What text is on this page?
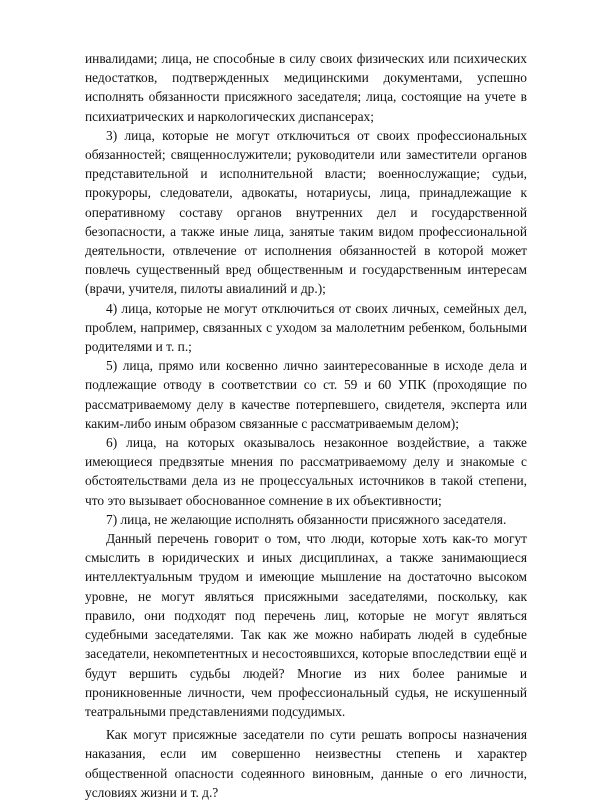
инвалидами; лица, не способные в силу своих физических или психических недостатков, подтвержденных медицинскими документами, успешно исполнять обязанности присяжного заседателя; лица, состоящие на учете в психиатрических и наркологических диспансерах;

3) лица, которые не могут отключиться от своих профессиональных обязанностей; священнослужители; руководители или заместители органов представительной и исполнительной власти; военнослужащие; судьи, прокуроры, следователи, адвокаты, нотариусы, лица, принадлежащие к оперативному составу органов внутренних дел и государственной безопасности, а также иные лица, занятые таким видом профессиональной деятельности, отвлечение от исполнения обязанностей в которой может повлечь существенный вред общественным и государственным интересам (врачи, учителя, пилоты авиалиний и др.);

4) лица, которые не могут отключиться от своих личных, семейных дел, проблем, например, связанных с уходом за малолетним ребенком, больными родителями и т. п.;

5) лица, прямо или косвенно лично заинтересованные в исходе дела и подлежащие отводу в соответствии со ст. 59 и 60 УПК (проходящие по рассматриваемому делу в качестве потерпевшего, свидетеля, эксперта или каким-либо иным образом связанные с рассматриваемым делом);

6) лица, на которых оказывалось незаконное воздействие, а также имеющиеся предвзятые мнения по рассматриваемому делу и знакомые с обстоятельствами дела из не процессуальных источников в такой степени, что это вызывает обоснованное сомнение в их объективности;

7) лица, не желающие исполнять обязанности присяжного заседателя.

Данный перечень говорит о том, что люди, которые хоть как-то могут смыслить в юридических и иных дисциплинах, а также занимающиеся интеллектуальным трудом и имеющие мышление на достаточно высоком уровне, не могут являться присяжными заседателями, поскольку, как правило, они подходят под перечень лиц, которые не могут являться судебными заседателями. Так как же можно набирать людей в судебные заседатели, некомпетентных и несостоявшихся, которые впоследствии ещё и будут вершить судьбы людей? Многие из них более ранимые и проникновенные личности, чем профессиональный судья, не искушенный театральными представлениями подсудимых.

Как могут присяжные заседатели по сути решать вопросы назначения наказания, если им совершенно неизвестны степень и характер общественной опасности содеянного виновным, данные о его личности, условиях жизни и т. д.?
